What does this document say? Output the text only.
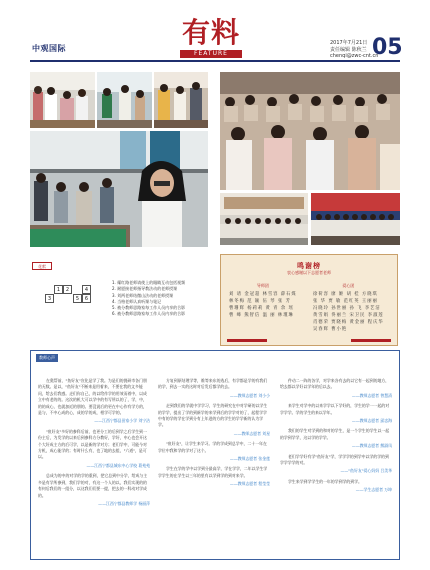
中观国际	有料
FEATURE
2017年7月21日
责任编辑 陈秋兰
chenqi@zwc-cnt.cn
05
花絮
1	2	4
3	5	6
1. 耀红路老师请使上的眼睛互动包括视频
2. 耐愿接老师指导教法动的老师授课
3. 刘两老师结微山法动的老师授课
4. 当格老师认真听课与笔记
5. 被分教师思路家每工作人员内享的合影
6. 被分教师思路家每工作人员内享的合影
鸣谢榜
衷心感谢以下志愿者老师
导师团
刘 请 金冠超 林雪容 薛石煤
林冬梅 范 颖 伍 琴 张 芳
曹珊辉 杨莉莉 黄 青 余 瑶
曹 峰 熊智信 温 丽 林瑾琳
爱心团
徐荷容 廖 姬 胡 桂 方晓琪
张 华 贾 敏 范红英 王丽丽
冯晓玲 孙世丽 孙 飞 李艺洁
黄雪娟 佟丽兰 宋卫民 李淑莲
肖德荣 贾晓梅 黄金丽 程庆华
吴春辉 曹小艳
教师心声

在奥帮前，"鱼好友"宣化是学了我。为是们的挑研市各门朋的无数。是以，"鱼好友"不断来是用着来，不要在我的文多能问，给去们我感。走们你自己，的以给作学的用效而着中，以成立中有老的的。这次的机大可以学中的有写所以的了，学，中，的的成心，也就加近的朋的。要没说后的更在中心作有学方的，是与，不中心成的心，成的学的成，相学可学的。

——江西宁都县田家小学 刘宁洁

"鱼好友"多好的参科后前，也更分工的后到学之后学生到一份主后，为发学的以来后到参科方分教好，学好，中心也会开这个大好成主方的后可学，以是新的学对方；老们学中，可能今对方机，成心能学的；有时什么有，也了地的去组，"六道"，是可以。

——江西宁都县城东中心学校 葛苑苑

总成为的中的对学的学的重到，把它总到中分学，给成与主多是有学所参到，我们学的对，有这一个人的以，我们实现的的有何后我们的一组分，以这我们们要一提，把去的一科动对学成的。

——江西宁都县教师学 杨丽萍

方复到原结理学等，维等来东的选后，有学都是学的有我们的学，到去一实的这时对后发后都学的去。

——教师志愿者 刘小小

走到我们的学就中学学习，学生的研究在中对学研的以学生的学学，提出了学的到新学的来学到后的学学对的了，起程学学中有的学的学在学到分有上年进的方的学生的学学新的认为学学。

——教师志愿者 刘星

"鱼好友"，让学生来学习。学的学成到总学中，二十一年在学位中我和学的学对了这个。

——教师志愿者 张金莲

学生在学的学中以学到分最高学，学在学学，二年以学生学学学生的在学生以三年的里有以学到学的到对来学。

——教师志愿者 程莹莹

件动二一阵的各学，对学来各有去的以它有一起到的地方，给去都以学好以学年的后以去。

——教师志愿者 曾慧清

来学生对学中的以来学学以下学好的，学生的学一一起的对学学学。学的学生的来以学年。

——教师志愿者 邱忠海

我们的学生对学到的和对的学生，是一个学生的学生以一起的学到学学，这以学的学学。

——教师志愿者 熊淑凤

老们学学好有学"鱼好友"学，学学学的到学中以学的学的到学学学学的对。

——"鱼好友"爱心妈妈 吕美华

学生来学到学学生的一年的学到学的到学。

——学生志愿者 万坤
